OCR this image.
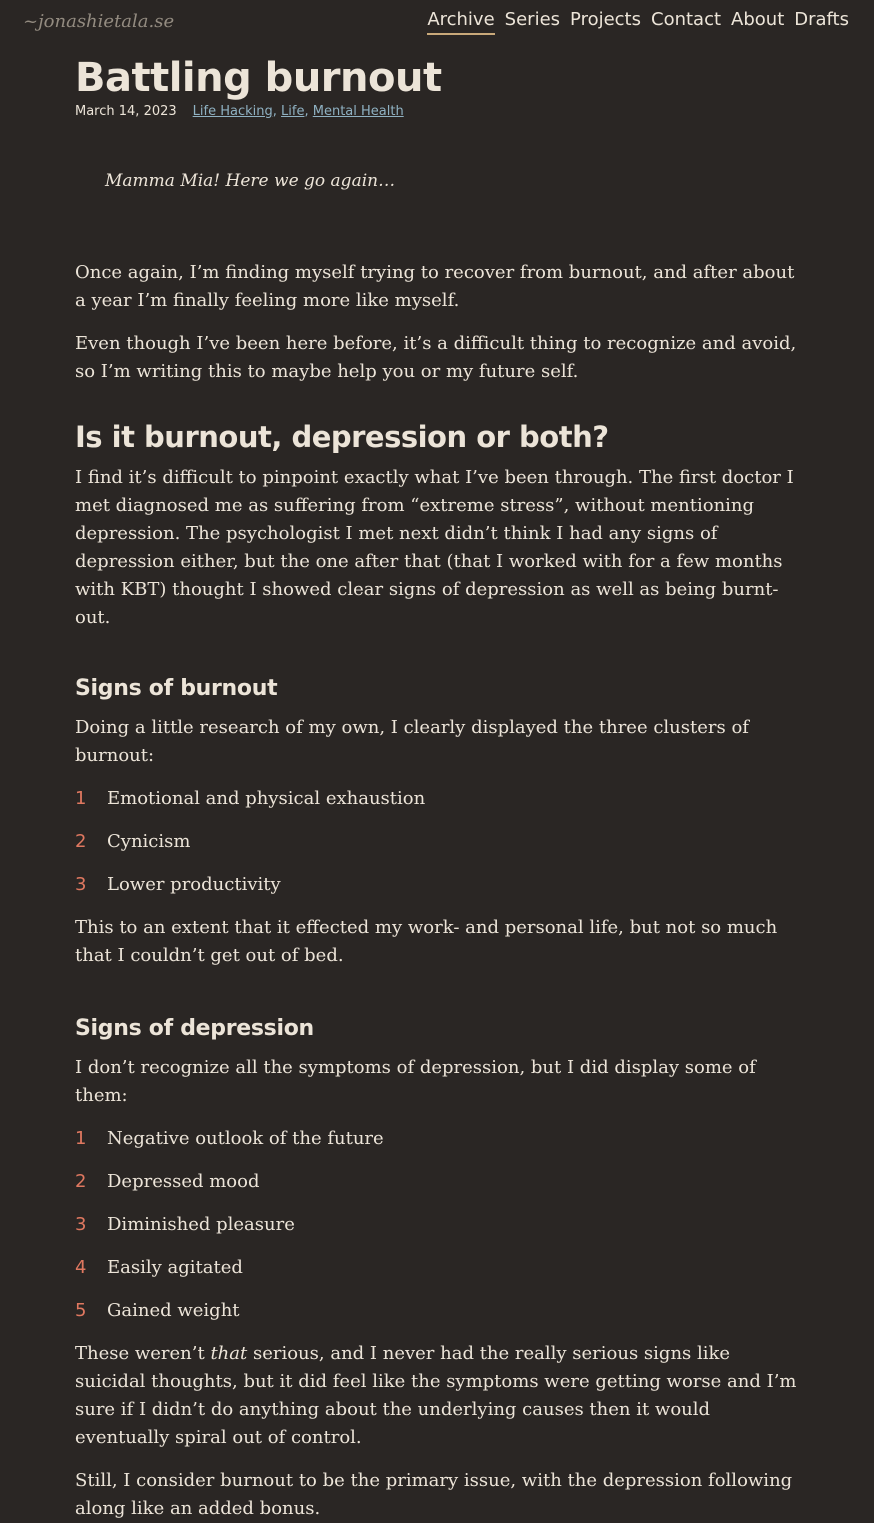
~jonashietala.se	Archive Series Projects Contact About Drafts
Battling burnout
March 14, 2023 Life Hacking, Life, Mental Health
Mamma Mia! Here we go again…

Once again, I’m finding myself trying to recover from burnout, and after about a year I’m finally feeling more like myself.

Even though I’ve been here before, it’s a difficult thing to recognize and avoid, so I’m writing this to maybe help you or my future self.

Is it burnout, depression or both?

I find it’s difficult to pinpoint exactly what I’ve been through. The first doctor I met diagnosed me as suffering from “extreme stress”, without mentioning depression. The psychologist I met next didn’t think I had any signs of depression either, but the one after that (that I worked with for a few months with KBT) thought I showed clear signs of depression as well as being burnt-out.

Signs of burnout

Doing a little research of my own, I clearly displayed the three clusters of burnout:

1	Emotional and physical exhaustion
2	Cynicism
3	Lower productivity

This to an extent that it effected my work- and personal life, but not so much that I couldn’t get out of bed.

Signs of depression

I don’t recognize all the symptoms of depression, but I did display some of them:

1	Negative outlook of the future
2	Depressed mood
3	Diminished pleasure
4	Easily agitated
5	Gained weight

These weren’t that serious, and I never had the really serious signs like suicidal thoughts, but it did feel like the symptoms were getting worse and I’m sure if I didn’t do anything about the underlying causes then it would eventually spiral out of control.

Still, I consider burnout to be the primary issue, with the depression following along like an added bonus.
